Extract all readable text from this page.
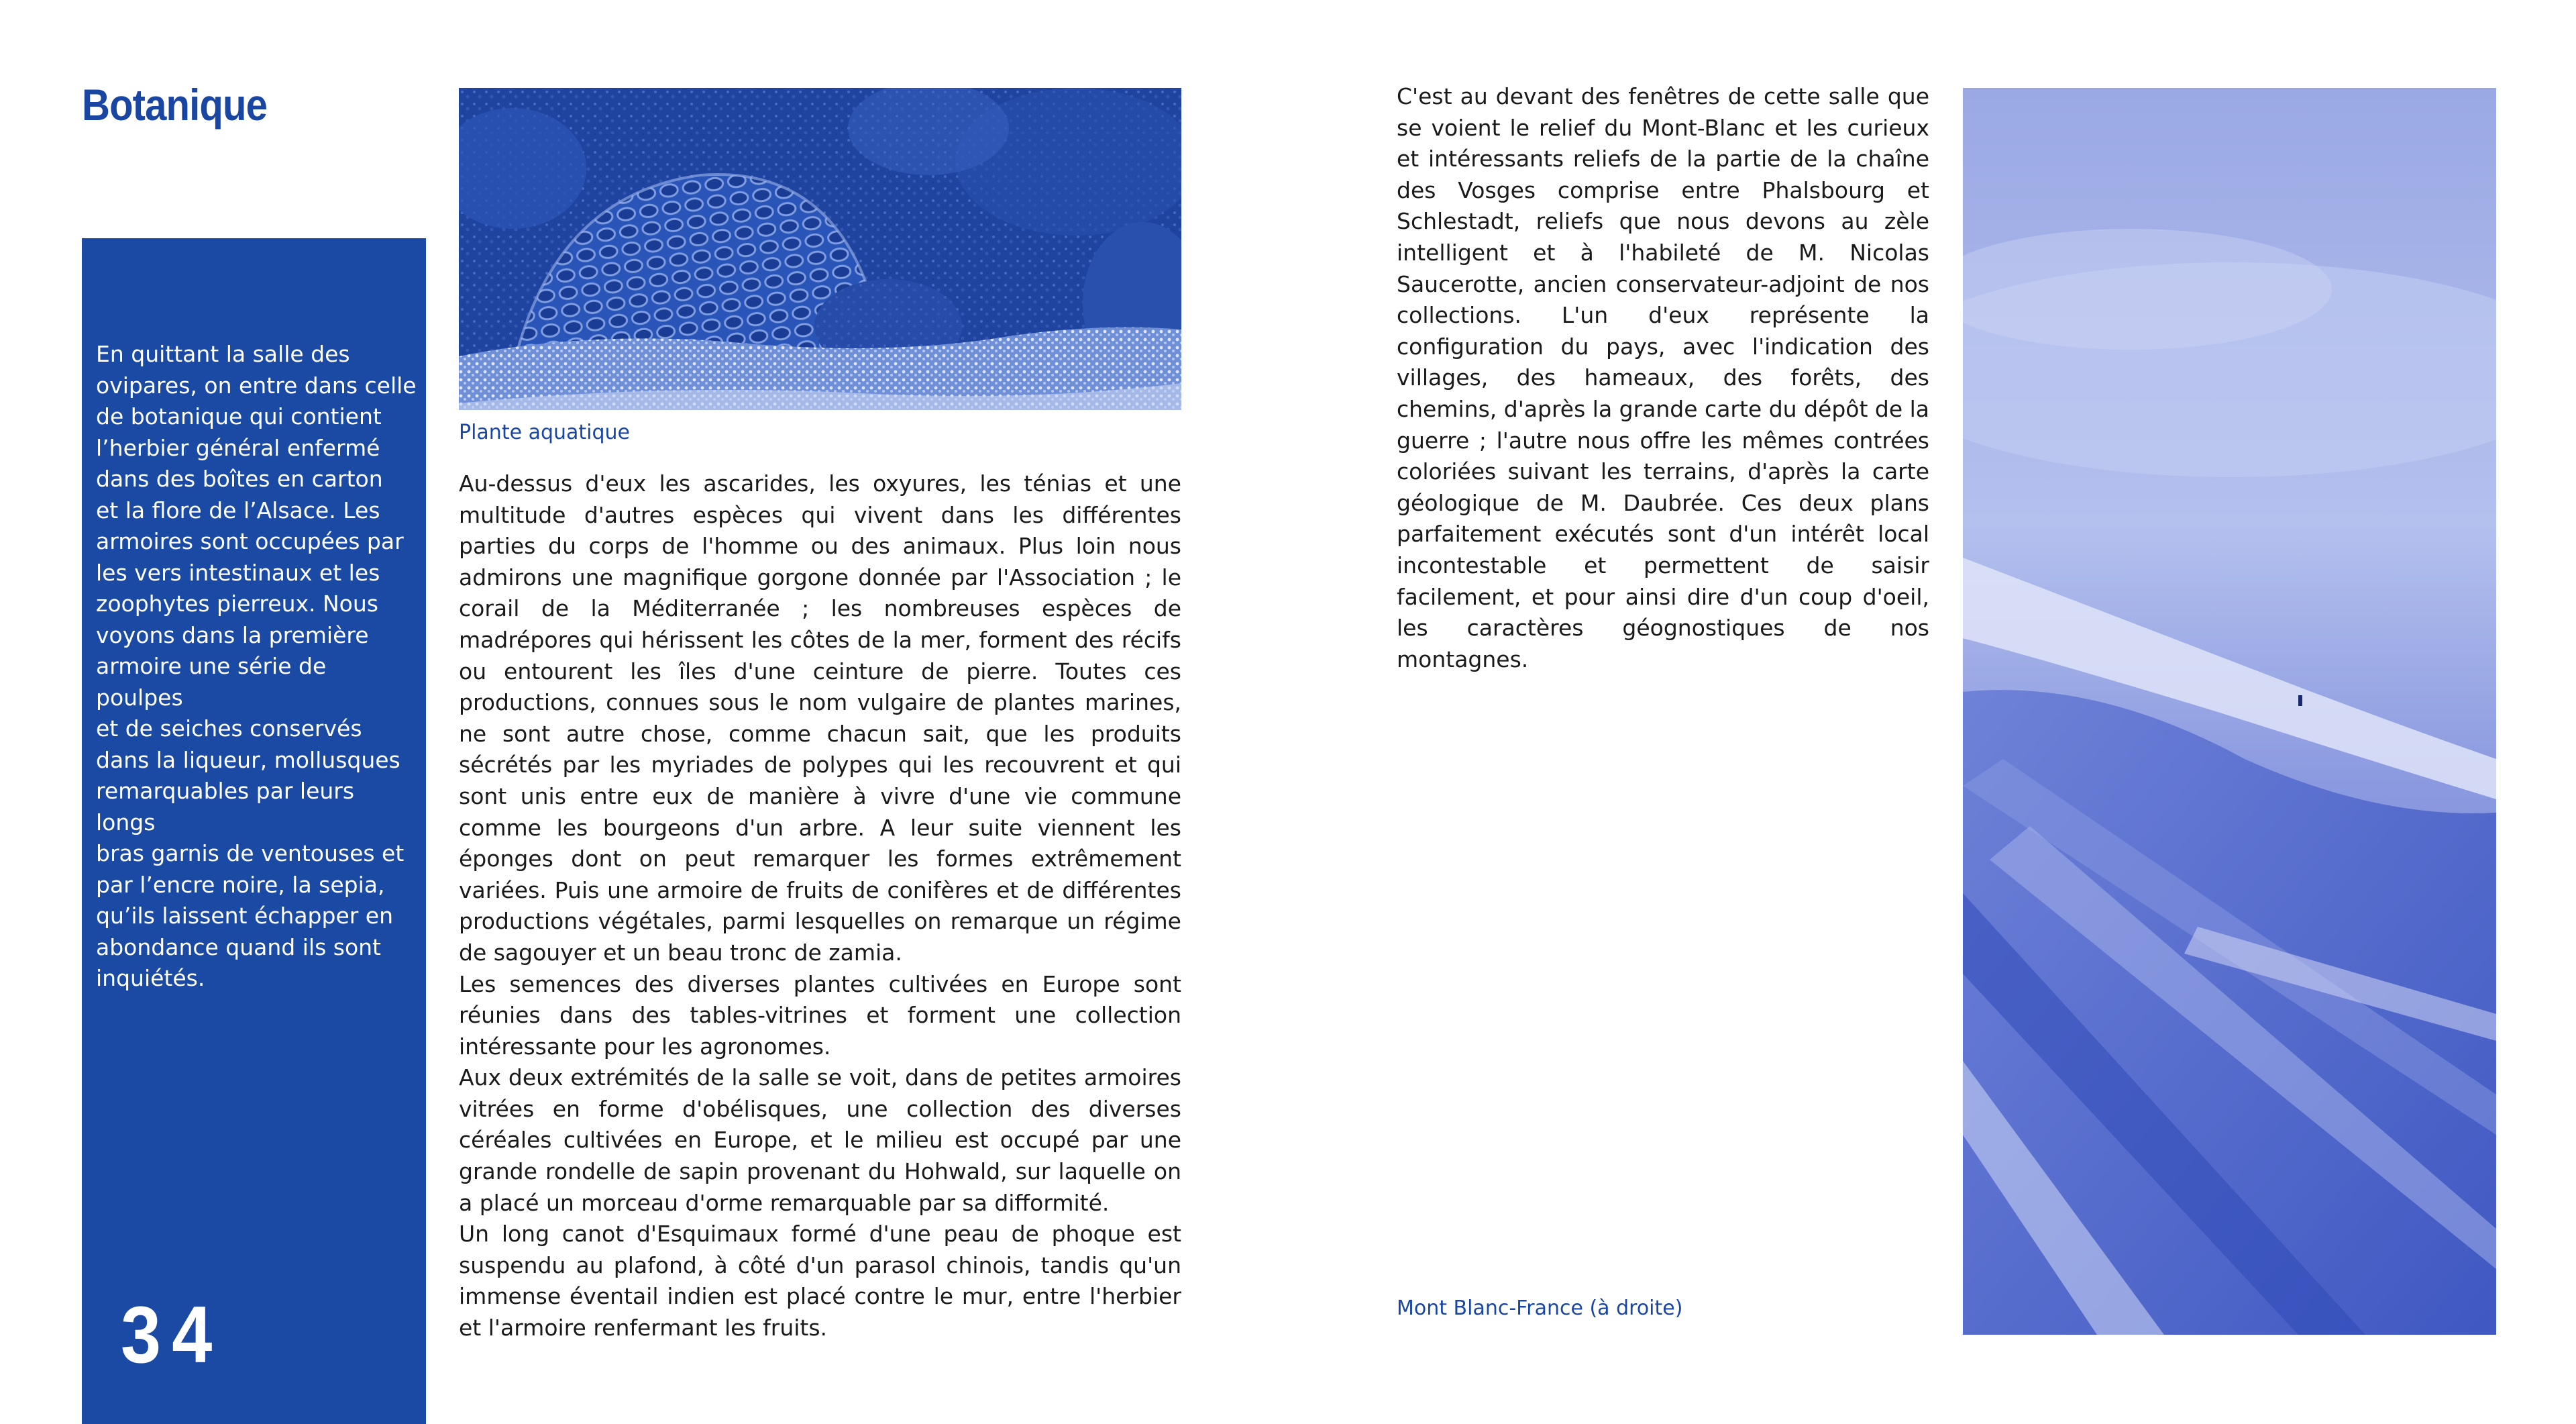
Botanique
En quittant la salle des
ovipares, on entre dans celle
de botanique qui contient
l’herbier général enfermé
dans des boîtes en carton
et la flore de l’Alsace. Les
armoires sont occupées par
les vers intestinaux et les
zoophytes pierreux. Nous
voyons dans la première
armoire une série de poulpes
et de seiches conservés
dans la liqueur, mollusques
remarquables par leurs longs
bras garnis de ventouses et
par l’encre noire, la sepia,
qu’ils laissent échapper en
abondance quand ils sont
inquiétés.
34
Plante aquatique

Au-dessus d'eux les ascarides, les oxyures, les ténias et une multitude d'autres espèces qui vivent dans les différentes parties du corps de l'homme ou des animaux. Plus loin nous admirons une magnifique gorgone donnée par l'Association ; le corail de la Méditerranée ; les nombreuses espèces de madrépores qui hérissent les côtes de la mer, forment des récifs ou entourent les îles d'une ceinture de pierre. Toutes ces productions, connues sous le nom vulgaire de plantes marines, ne sont autre chose, comme chacun sait, que les produits sécrétés par les myriades de polypes qui les recouvrent et qui sont unis entre eux de manière à vivre d'une vie commune comme les bourgeons d'un arbre. A leur suite viennent les éponges dont on peut remarquer les formes extrêmement variées. Puis une armoire de fruits de conifères et de différentes productions végétales, parmi lesquelles on remarque un régime de sagouyer et un beau tronc de zamia.

Les semences des diverses plantes cultivées en Europe sont réunies dans des tables-vitrines et forment une collection intéressante pour les agronomes.

Aux deux extrémités de la salle se voit, dans de petites armoires vitrées en forme d'obélisques, une collection des diverses céréales cultivées en Europe, et le milieu est occupé par une grande rondelle de sapin provenant du Hohwald, sur laquelle on a placé un morceau d'orme remarquable par sa difformité.

Un long canot d'Esquimaux formé d'une peau de phoque est suspendu au plafond, à côté d'un parasol chinois, tandis qu'un immense éventail indien est placé contre le mur, entre l'herbier et l'armoire renfermant les fruits.

C'est au devant des fenêtres de cette salle que se voient le relief du Mont-Blanc et les curieux et intéressants reliefs de la partie de la chaîne des Vosges comprise entre Phalsbourg et Schlestadt, reliefs que nous devons au zèle intelligent et à l'habileté de M. Nicolas Saucerotte, ancien conservateur-adjoint de nos collections. L'un d'eux représente la configuration du pays, avec l'indication des villages, des hameaux, des forêts, des chemins, d'après la grande carte du dépôt de la guerre ; l'autre nous offre les mêmes contrées coloriées suivant les terrains, d'après la carte géologique de M. Daubrée. Ces deux plans parfaitement exécutés sont d'un intérêt local incontestable et permettent de saisir facilement, et pour ainsi dire d'un coup d'oeil, les caractères géognostiques de nos montagnes.

Mont Blanc-France (à droite)
